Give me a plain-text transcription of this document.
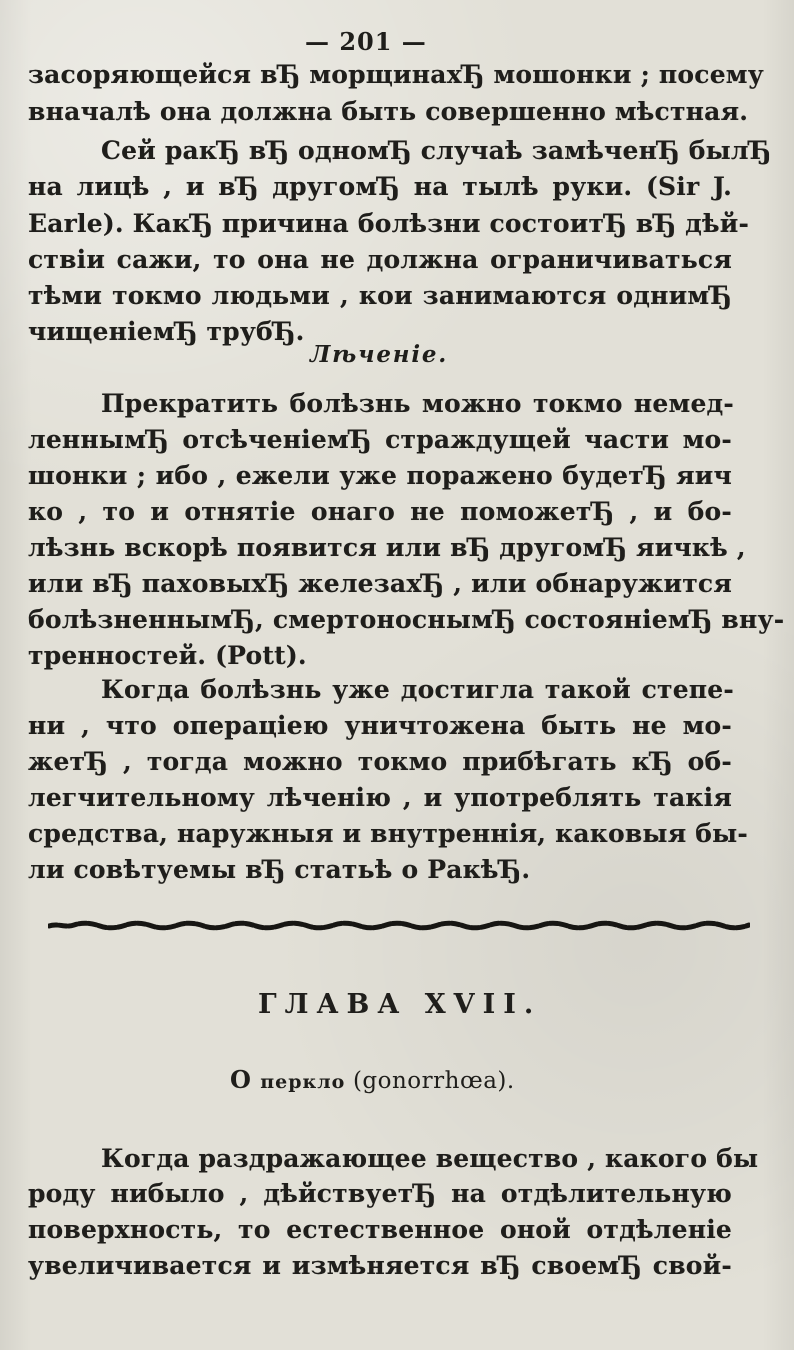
— 201 —
засоряющейся вЂ морщинахЂ мошонки ; посему
вначалѣ она должна быть совершенно мѣстная.
Сей ракЂ вЂ одномЂ случаѣ замѣченЂ былЂ
на лицѣ , и вЂ другомЂ на тылѣ руки. (Sir J.
Earle). КакЂ причина болѣзни состоитЂ вЂ дѣй-
ствіи сажи, то она не должна ограничиваться
тѣми токмо людьми , кои занимаются однимЂ
чищеніемЂ трубЂ.
Лѣченіе.
Прекратить болѣзнь можно токмо немед-
леннымЂ отсѣченіемЂ страждущей части мо-
шонки ; ибо , ежели уже поражено будетЂ яич
ко , то и отнятіе онаго не поможетЂ , и бо-
лѣзнь вскорѣ появится или вЂ другомЂ яичкѣ ,
или вЂ паховыхЂ железахЂ , или обнаружится
болѣзненнымЂ, смертоноснымЂ состояніемЂ вну-
тренностей. (Pott).
Когда болѣзнь уже достигла такой степе-
ни , что операціею уничтожена быть не мо-
жетЂ , тогда можно токмо прибѣгать кЂ об-
легчительному лѣченію , и употреблять такія
средства, наружныя и внутреннія, каковыя бы-
ли совѣтуемы вЂ статьѣ о РакѣЂ.
ГЛАВА XVII.
О перкло (gonorrhœa).
Когда раздражающее вещество , какого бы
роду нибыло , дѣйствуетЂ на отдѣлительную
поверхность, то естественное оной отдѣленіе
увеличивается и измѣняется вЂ своемЂ свой-
